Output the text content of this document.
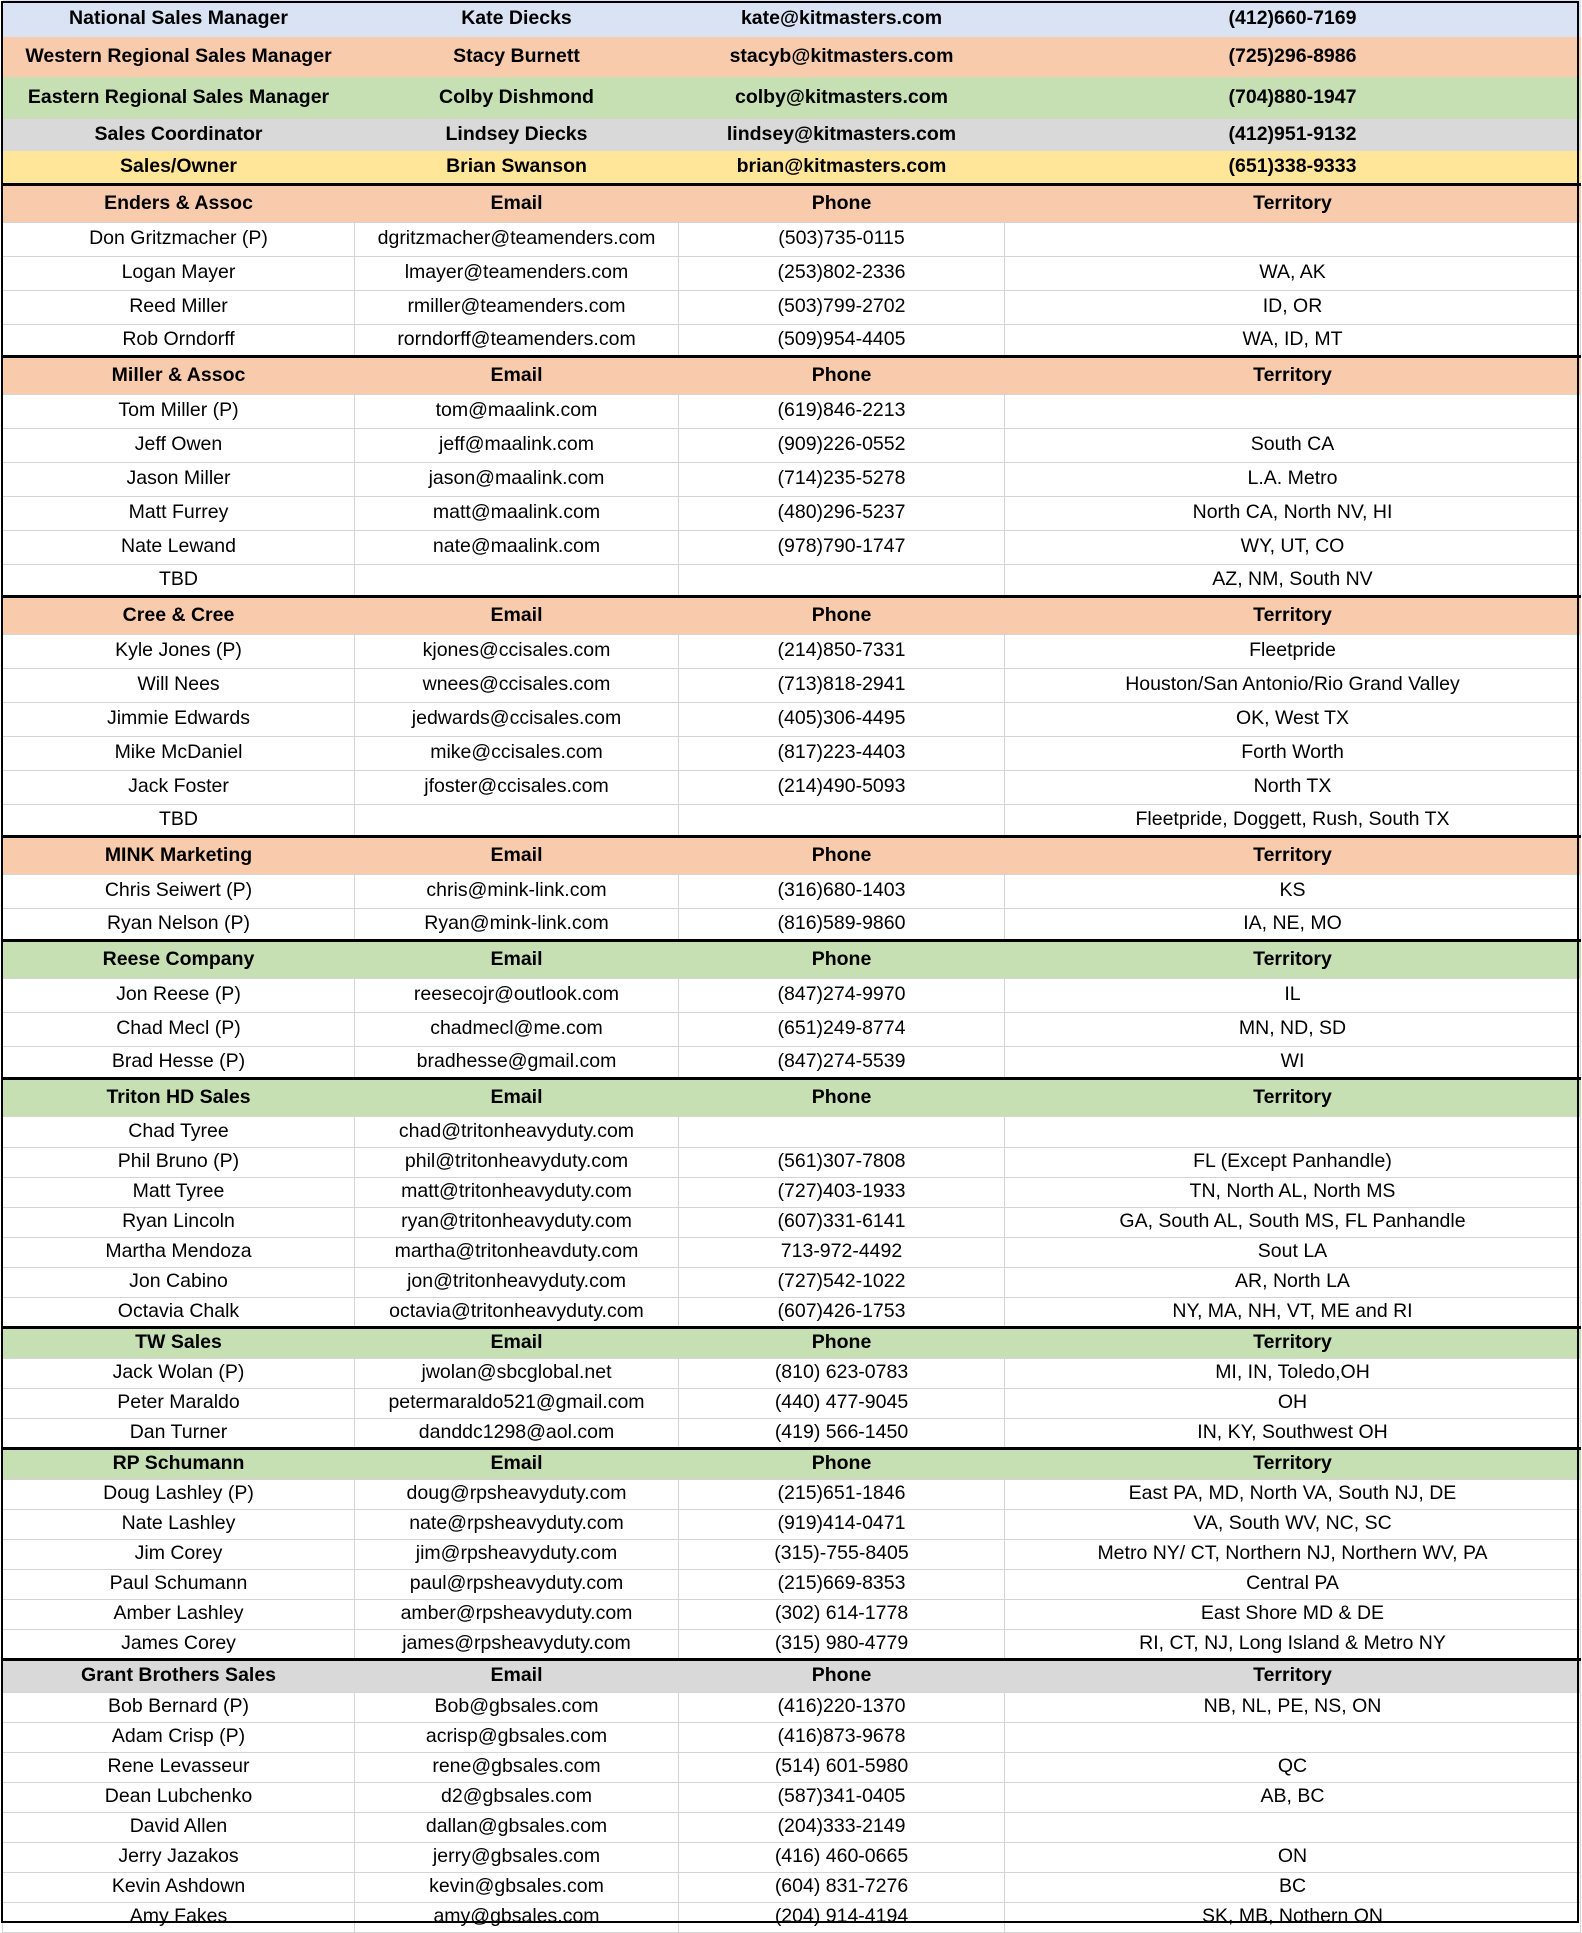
National Sales Manager	Kate Diecks	kate@kitmasters.com	(412)660-7169
Western Regional Sales Manager	Stacy Burnett	stacyb@kitmasters.com	(725)296-8986
Eastern Regional Sales Manager	Colby Dishmond	colby@kitmasters.com	(704)880-1947
Sales Coordinator	Lindsey Diecks	lindsey@kitmasters.com	(412)951-9132
Sales/Owner	Brian Swanson	brian@kitmasters.com	(651)338-9333
Enders & Assoc	Email	Phone	Territory
Don Gritzmacher (P)	dgritzmacher@teamenders.com	(503)735-0115	
Logan Mayer	lmayer@teamenders.com	(253)802-2336	WA, AK
Reed Miller	rmiller@teamenders.com	(503)799-2702	ID, OR
Rob Orndorff	rorndorff@teamenders.com	(509)954-4405	WA, ID, MT
Miller & Assoc	Email	Phone	Territory
Tom Miller (P)	tom@maalink.com	(619)846-2213	
Jeff Owen	jeff@maalink.com	(909)226-0552	South CA
Jason Miller	jason@maalink.com	(714)235-5278	L.A. Metro
Matt Furrey	matt@maalink.com	(480)296-5237	North CA, North NV, HI
Nate Lewand	nate@maalink.com	(978)790-1747	WY, UT, CO
TBD			AZ, NM, South NV
Cree & Cree	Email	Phone	Territory
Kyle Jones (P)	kjones@ccisales.com	(214)850-7331	Fleetpride
Will Nees	wnees@ccisales.com	(713)818-2941	Houston/San Antonio/Rio Grand Valley
Jimmie Edwards	jedwards@ccisales.com	(405)306-4495	OK, West TX
Mike McDaniel	mike@ccisales.com	(817)223-4403	Forth Worth
Jack Foster	jfoster@ccisales.com	(214)490-5093	North TX
TBD			Fleetpride, Doggett, Rush, South TX
MINK Marketing	Email	Phone	Territory
Chris Seiwert (P)	chris@mink-link.com	(316)680-1403	KS
Ryan Nelson (P)	Ryan@mink-link.com	(816)589-9860	IA, NE, MO
Reese Company	Email	Phone	Territory
Jon Reese (P)	reesecojr@outlook.com	(847)274-9970	IL
Chad Mecl (P)	chadmecl@me.com	(651)249-8774	MN, ND, SD
Brad Hesse (P)	bradhesse@gmail.com	(847)274-5539	WI
Triton HD Sales	Email	Phone	Territory
Chad Tyree	chad@tritonheavyduty.com		
Phil Bruno (P)	phil@tritonheavyduty.com	(561)307-7808	FL (Except Panhandle)
Matt Tyree	matt@tritonheavyduty.com	(727)403-1933	TN, North AL, North MS
Ryan Lincoln	ryan@tritonheavyduty.com	(607)331-6141	GA, South AL, South MS, FL Panhandle
Martha Mendoza	martha@tritonheavduty.com	713-972-4492	Sout LA
Jon Cabino	jon@tritonheavyduty.com	(727)542-1022	AR, North LA
Octavia Chalk	octavia@tritonheavyduty.com	(607)426-1753	NY, MA, NH, VT, ME and RI
TW Sales	Email	Phone	Territory
Jack Wolan (P)	jwolan@sbcglobal.net	(810) 623-0783	MI, IN, Toledo,OH
Peter Maraldo	petermaraldo521@gmail.com	(440) 477-9045	OH
Dan Turner	danddc1298@aol.com	(419) 566-1450	IN, KY, Southwest OH
RP Schumann	Email	Phone	Territory
Doug Lashley (P)	doug@rpsheavyduty.com	(215)651-1846	East PA, MD, North VA, South NJ, DE
Nate Lashley	nate@rpsheavyduty.com	(919)414-0471	VA, South WV, NC, SC
Jim Corey	jim@rpsheavyduty.com	(315)-755-8405	Metro NY/ CT, Northern NJ, Northern WV, PA
Paul Schumann	paul@rpsheavyduty.com	(215)669-8353	Central PA
Amber Lashley	amber@rpsheavyduty.com	(302) 614-1778	East Shore MD & DE
James Corey	james@rpsheavyduty.com	(315) 980-4779	RI, CT, NJ, Long Island & Metro NY
Grant Brothers Sales	Email	Phone	Territory
Bob Bernard (P)	Bob@gbsales.com	(416)220-1370	NB, NL, PE, NS, ON
Adam Crisp (P)	acrisp@gbsales.com	(416)873-9678	
Rene Levasseur	rene@gbsales.com	(514) 601-5980	QC
Dean Lubchenko	d2@gbsales.com	(587)341-0405	AB, BC
David Allen	dallan@gbsales.com	(204)333-2149	
Jerry Jazakos	jerry@gbsales.com	(416) 460-0665	ON
Kevin Ashdown	kevin@gbsales.com	(604) 831-7276	BC
Amy Fakes	amy@gbsales.com	(204) 914-4194	SK, MB, Nothern ON
